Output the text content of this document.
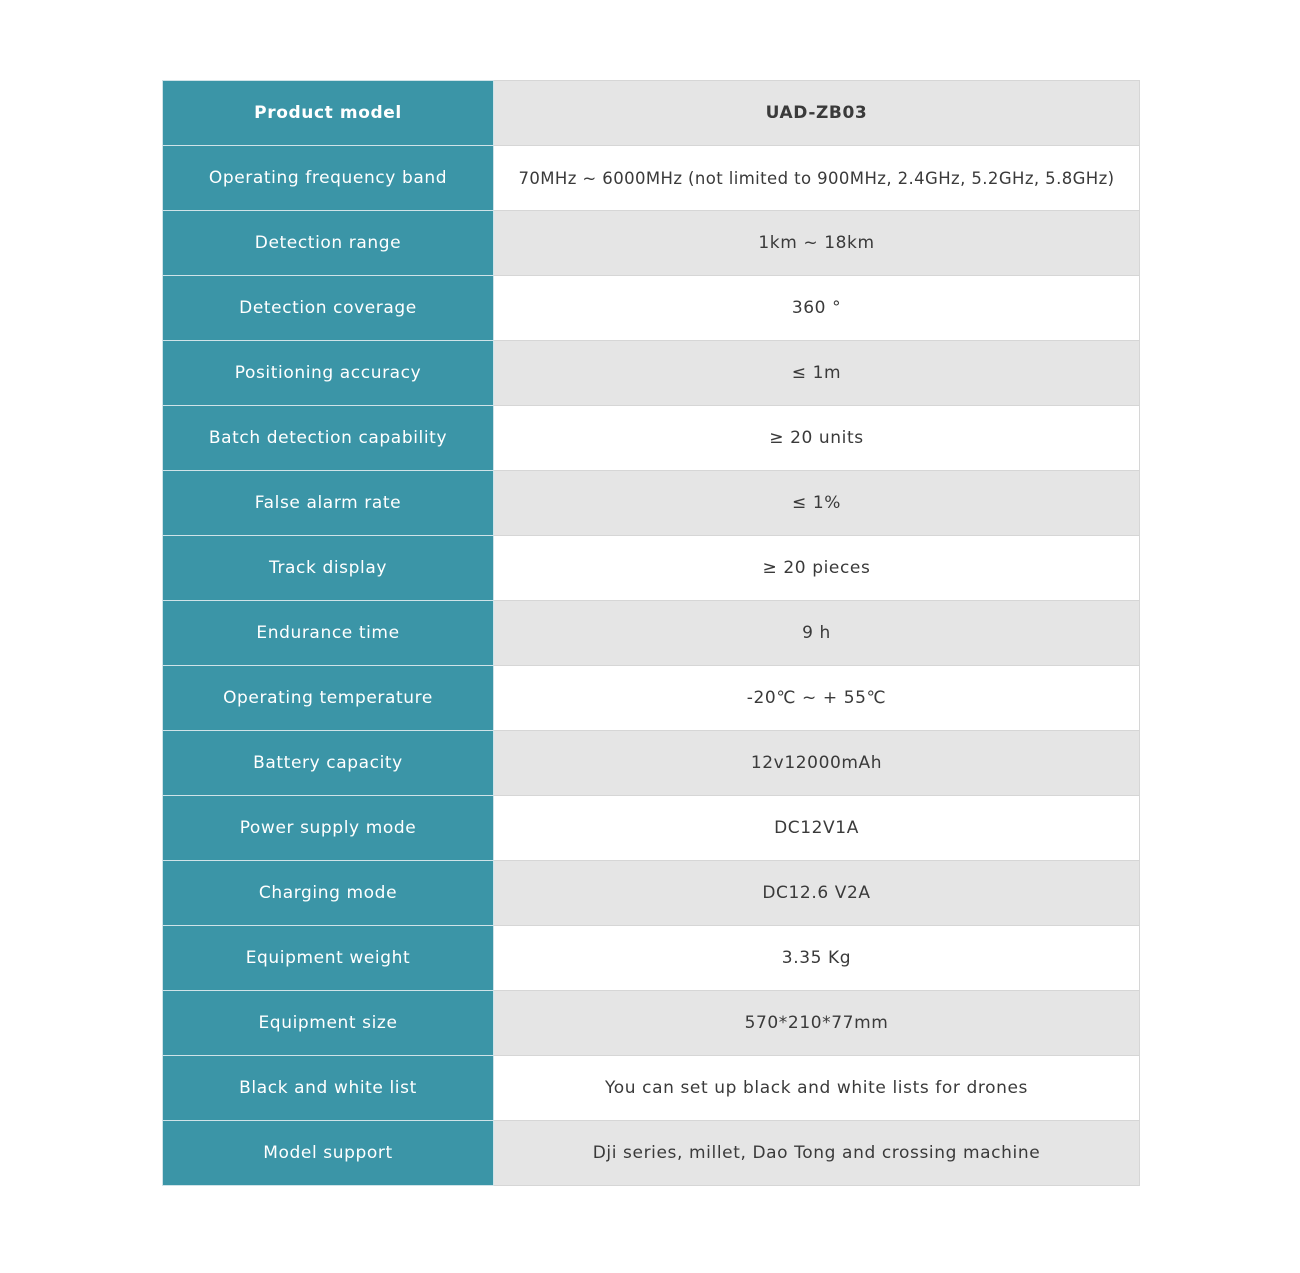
Product model	UAD-ZB03
Operating frequency band	70MHz ~ 6000MHz (not limited to 900MHz, 2.4GHz, 5.2GHz, 5.8GHz)
Detection range	1km ~ 18km
Detection coverage	360 °
Positioning accuracy	≤ 1m
Batch detection capability	≥ 20 units
False alarm rate	≤ 1%
Track display	≥ 20 pieces
Endurance time	9 h
Operating temperature	-20℃ ~ + 55℃
Battery capacity	12v12000mAh
Power supply mode	DC12V1A
Charging mode	DC12.6 V2A
Equipment weight	3.35 Kg
Equipment size	570*210*77mm
Black and white list	You can set up black and white lists for drones
Model support	Dji series, millet, Dao Tong and crossing machine
